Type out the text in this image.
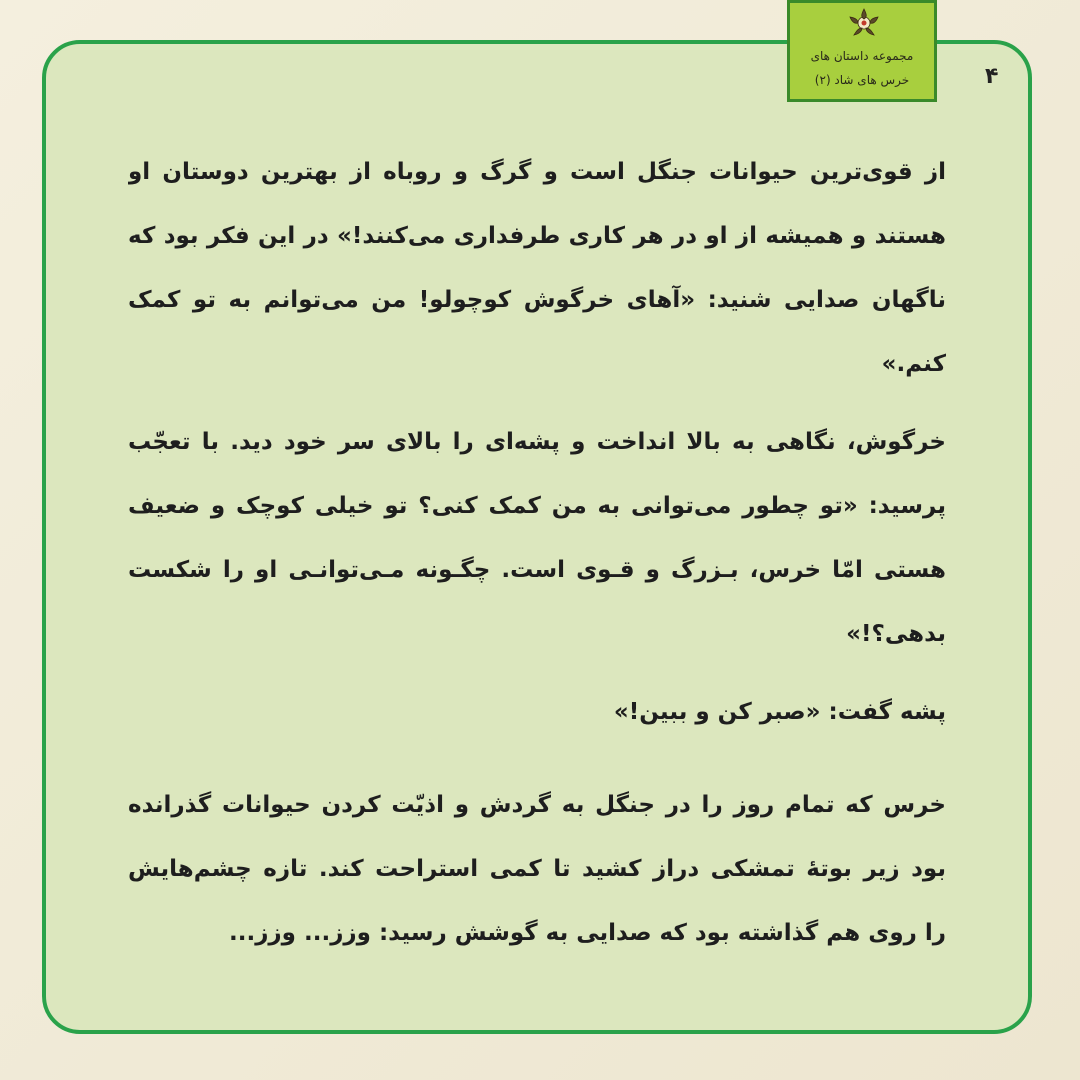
مجموعه داستان های
خرس های شاد (۲)	۴
از قوی‌ترین حیوانات جنگل است و گرگ و روباه از بهترین دوستان او
هستند و همیشه از او در هر کاری طرفداری می‌کنند!» در این فکر بود که
ناگهان صدایی شنید: «آهای خرگوش کوچولو! من می‌توانم به تو کمک
کنم.»
خرگوش، نگاهی به بالا انداخت و پشه‌ای را بالای سر خود دید. با تعجّب
پرسید: «تو چطور می‌توانی به من کمک کنی؟ تو خیلی کوچک و ضعیف
هستی امّا خرس، بـزرگ و قـوی است. چگـونه مـی‌توانـی او را شکست
بدهی؟!»
پشه گفت: «صبر کن و ببین!»
خرس که تمام روز را در جنگل به گردش و اذیّت کردن حیوانات گذرانده
بود زیر بوتهٔ تمشکی دراز کشید تا کمی استراحت کند. تازه چشم‌هایش
را روی هم گذاشته بود که صدایی به گوشش رسید: وزز... وزز...
